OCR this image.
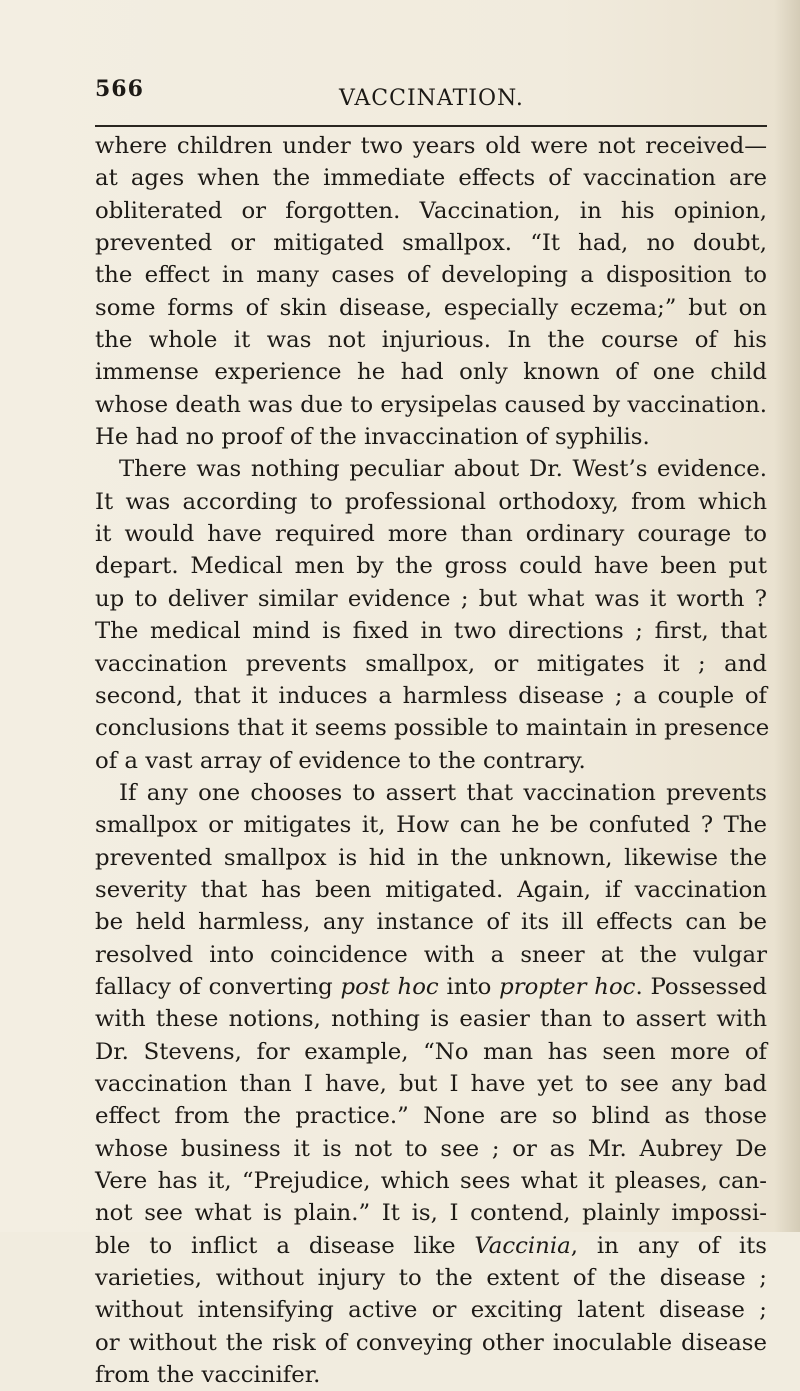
566	VACCINATION.
where children under two years old were not received—
at ages when the immediate effects of vaccination are
obliterated or forgotten. Vaccination, in his opinion,
prevented or mitigated smallpox. “It had, no doubt,
the effect in many cases of developing a disposition to
some forms of skin disease, especially eczema;” but on
the whole it was not injurious. In the course of his
immense experience he had only known of one child
whose death was due to erysipelas caused by vaccination.
He had no proof of the invaccination of syphilis.
There was nothing peculiar about Dr. West’s evidence.
It was according to professional orthodoxy, from which
it would have required more than ordinary courage to
depart. Medical men by the gross could have been put
up to deliver similar evidence ; but what was it worth ?
The medical mind is fixed in two directions ; first, that
vaccination prevents smallpox, or mitigates it ; and
second, that it induces a harmless disease ; a couple of
conclusions that it seems possible to maintain in presence
of a vast array of evidence to the contrary.
If any one chooses to assert that vaccination prevents
smallpox or mitigates it, How can he be confuted ? The
prevented smallpox is hid in the unknown, likewise the
severity that has been mitigated. Again, if vaccination
be held harmless, any instance of its ill effects can be
resolved into coincidence with a sneer at the vulgar
fallacy of converting post hoc into propter hoc. Possessed
with these notions, nothing is easier than to assert with
Dr. Stevens, for example, “No man has seen more of
vaccination than I have, but I have yet to see any bad
effect from the practice.” None are so blind as those
whose business it is not to see ; or as Mr. Aubrey De
Vere has it, “Prejudice, which sees what it pleases, can-
not see what is plain.” It is, I contend, plainly impossi-
ble to inflict a disease like Vaccinia, in any of its
varieties, without injury to the extent of the disease ;
without intensifying active or exciting latent disease ;
or without the risk of conveying other inoculable disease
from the vaccinifer.
